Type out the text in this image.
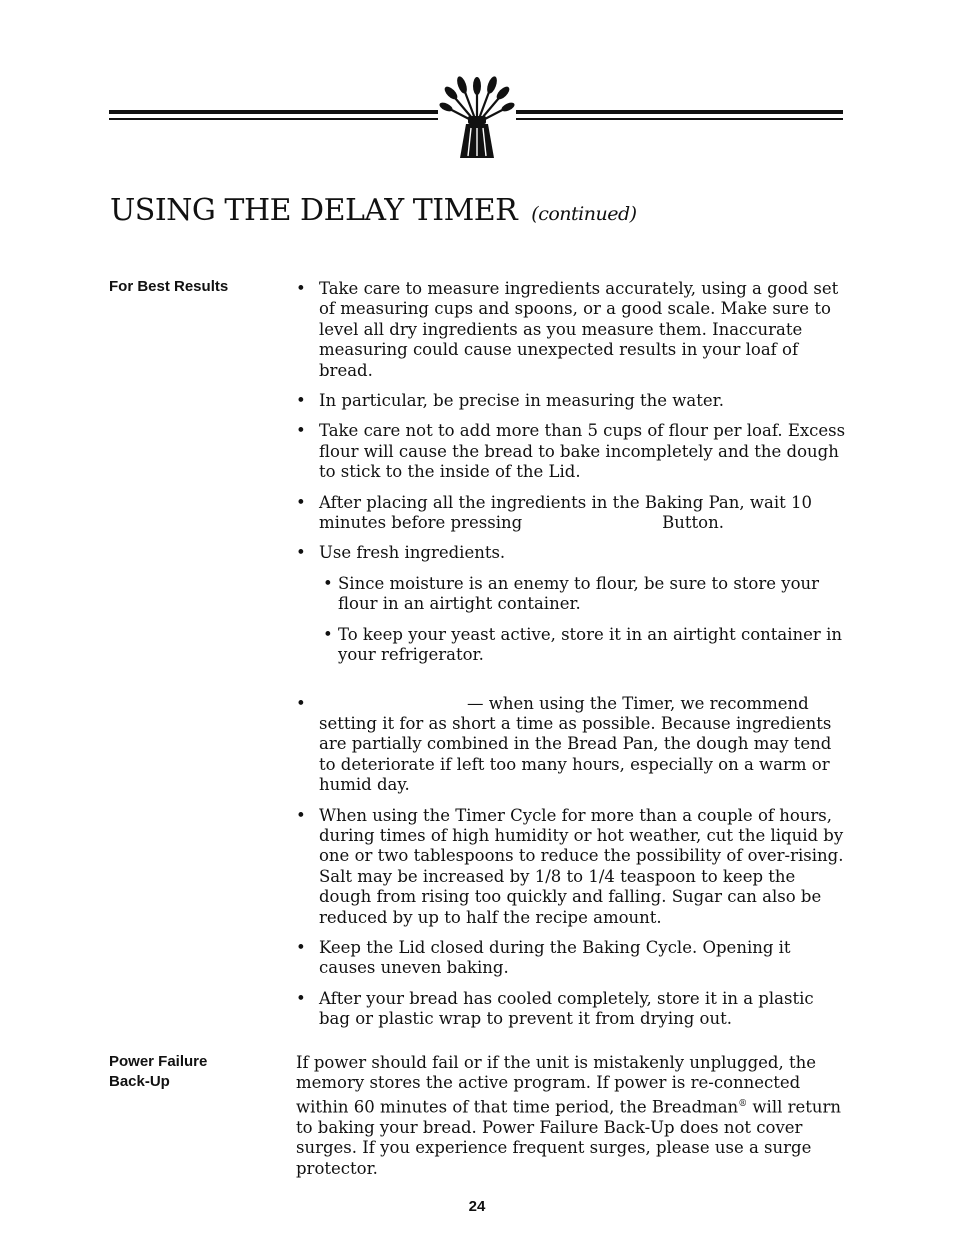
USING THE DELAY TIMER (continued)
For Best Results
•	Take care to measure ingredients accurately, using a good set of measuring cups and spoons, or a good scale. Make sure to level all dry ingredients as you measure them. Inaccurate measuring could cause unexpected results in your loaf of bread.
• In particular, be precise in measuring the water.
• Take care not to add more than 5 cups of flour per loaf. Excess flour will cause the bread to bake incompletely and the dough to stick to the inside of the Lid.
• After placing all the ingredients in the Baking Pan, wait 10 minutes before pressing	Button.
• Use fresh ingredients.
• Since moisture is an enemy to flour, be sure to store your flour in an airtight container.
• To keep your yeast active, store it in an airtight container in your refrigerator.
• — when using the Timer, we recommend setting it for as short a time as possible. Because ingredients are partially combined in the Bread Pan, the dough may tend to deteriorate if left too many hours, especially on a warm or humid day.
• When using the Timer Cycle for more than a couple of hours, during times of high humidity or hot weather, cut the liquid by one or two tablespoons to reduce the possibility of over-rising. Salt may be increased by 1/8 to 1/4 teaspoon to keep the dough from rising too quickly and falling. Sugar can also be reduced by up to half the recipe amount.
• Keep the Lid closed during the Baking Cycle. Opening it causes uneven baking.
• After your bread has cooled completely, store it in a plastic bag or plastic wrap to prevent it from drying out.
Power Failure
Back-Up
If power should fail or if the unit is mistakenly unplugged, the memory stores the active program. If power is re-connected within 60 minutes of that time period, the Breadman® will return to baking your bread. Power Failure Back-Up does not cover surges. If you experience frequent surges, please use a surge protector.
24
